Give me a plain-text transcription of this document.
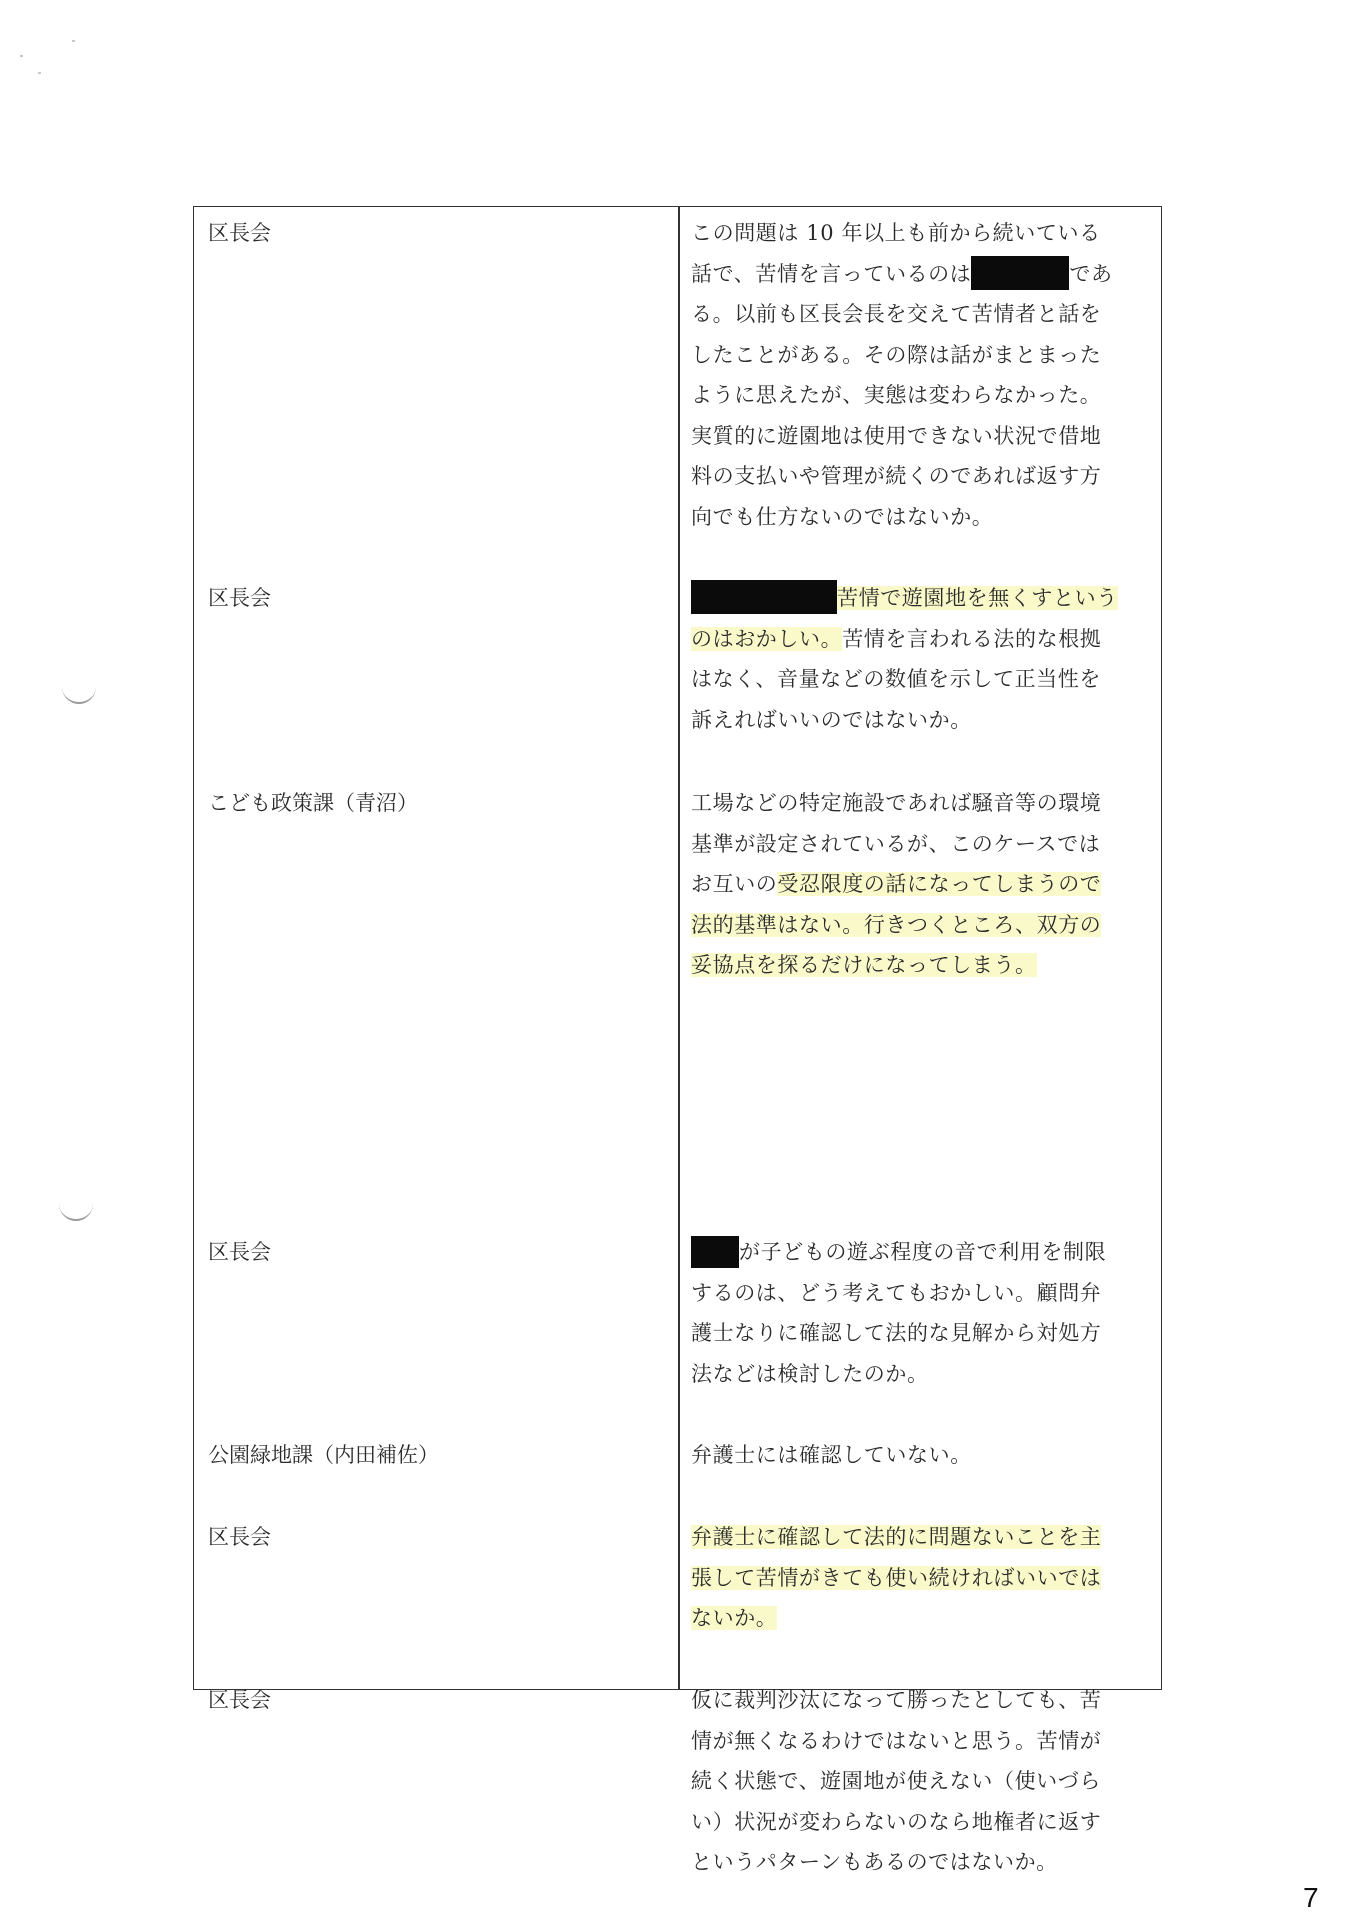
区長会	この問題は 10 年以上も前から続いている
話で、苦情を言っているのは	であ
る。以前も区長会長を交えて苦情者と話を
したことがある。その際は話がまとまった
ように思えたが、実態は変わらなかった。
実質的に遊園地は使用できない状況で借地
料の支払いや管理が続くのであれば返す方
向でも仕方ないのではないか。
区長会	苦情で遊園地を無くすという
のはおかしい。苦情を言われる法的な根拠
はなく、音量などの数値を示して正当性を
訴えればいいのではないか。
こども政策課（青沼）	工場などの特定施設であれば騒音等の環境
基準が設定されているが、このケースでは
お互いの受忍限度の話になってしまうので
法的基準はない。行きつくところ、双方の
妥協点を探るだけになってしまう。
区長会	が子どもの遊ぶ程度の音で利用を制限
するのは、どう考えてもおかしい。顧問弁
護士なりに確認して法的な見解から対処方
法などは検討したのか。
公園緑地課（内田補佐）	弁護士には確認していない。
区長会	弁護士に確認して法的に問題ないことを主
張して苦情がきても使い続ければいいでは
ないか。
区長会	仮に裁判沙汰になって勝ったとしても、苦
情が無くなるわけではないと思う。苦情が
続く状態で、遊園地が使えない（使いづら
い）状況が変わらないのなら地権者に返す
というパターンもあるのではないか。
7
